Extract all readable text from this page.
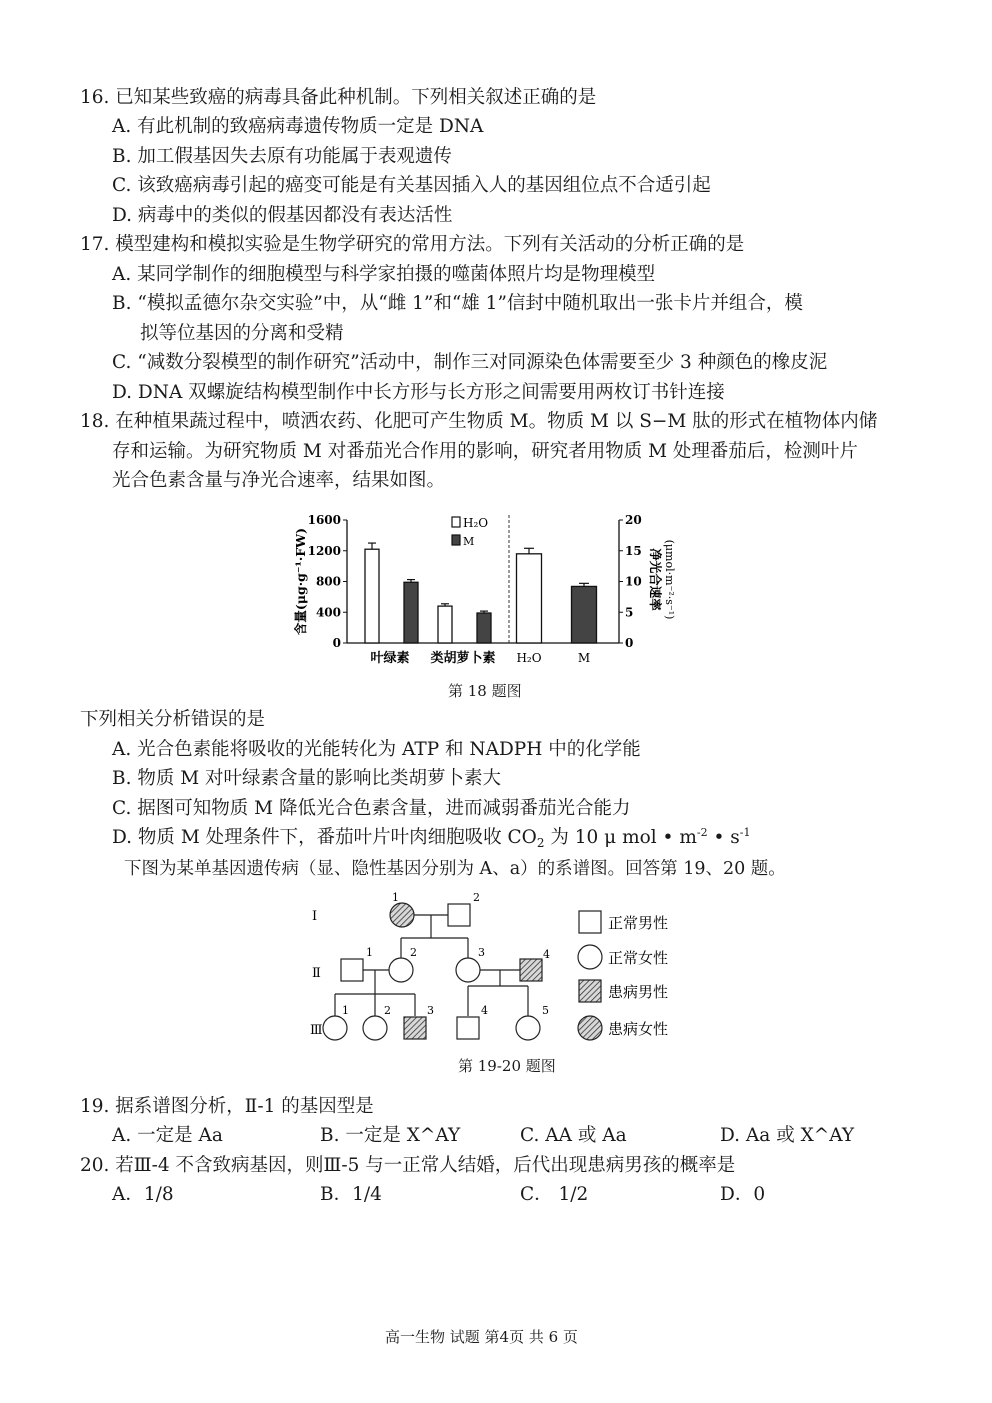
16. 已知某些致癌的病毒具备此种机制。下列相关叙述正确的是
A. 有此机制的致癌病毒遗传物质一定是 DNA
B. 加工假基因失去原有功能属于表观遗传
C. 该致癌病毒引起的癌变可能是有关基因插入人的基因组位点不合适引起
D. 病毒中的类似的假基因都没有表达活性
17. 模型建构和模拟实验是生物学研究的常用方法。下列有关活动的分析正确的是
A. 某同学制作的细胞模型与科学家拍摄的噬菌体照片均是物理模型
B. “模拟孟德尔杂交实验”中，从“雌 1”和“雄 1”信封中随机取出一张卡片并组合，模
拟等位基因的分离和受精
C. “减数分裂模型的制作研究”活动中，制作三对同源染色体需要至少 3 种颜色的橡皮泥
D. DNA 双螺旋结构模型制作中长方形与长方形之间需要用两枚订书针连接
18. 在种植果蔬过程中，喷洒农药、化肥可产生物质 M。物质 M 以 S−M 肽的形式在植物体内储
存和运输。为研究物质 M 对番茄光合作用的影响，研究者用物质 M 处理番茄后，检测叶片
光合色素含量与净光合速率，结果如图。
0
400
800
1200
1600
0
5
10
15
20
含量(μg·g⁻¹·FW)	净光合速率 (μmol·m⁻²·s⁻¹)
叶绿素 类胡萝卜素 H₂O	M
H₂O
M
第 18 题图
下列相关分析错误的是
A. 光合色素能将吸收的光能转化为 ATP 和 NADPH 中的化学能
B. 物质 M 对叶绿素含量的影响比类胡萝卜素大
C. 据图可知物质 M 降低光合色素含量，进而减弱番茄光合能力
D. 物质 M 处理条件下，番茄叶片叶肉细胞吸收 $CO_2$ 为 10 μ mol • $m^{-2}$ • $s^{-1}$
下图为某单基因遗传病（显、隐性基因分别为 A、a）的系谱图。回答第 19、20 题。
Ⅰ
Ⅱ
Ⅲ
1	2
1	2	3	4
1	2	3	4	5
正常男性
正常女性
患病男性
患病女性
第 19-20 题图
19. 据系谱图分析，Ⅱ-1 的基因型是
A. 一定是 Aa	B. 一定是 X^AY	C. AA 或 Aa	D. Aa 或 X^AY
20. 若Ⅲ-4 不含致病基因，则Ⅲ-5 与一正常人结婚，后代出现患病男孩的概率是
A．1/8	B．1/4	C． 1/2	D．0
高一生物 试题 第4页 共 6 页
